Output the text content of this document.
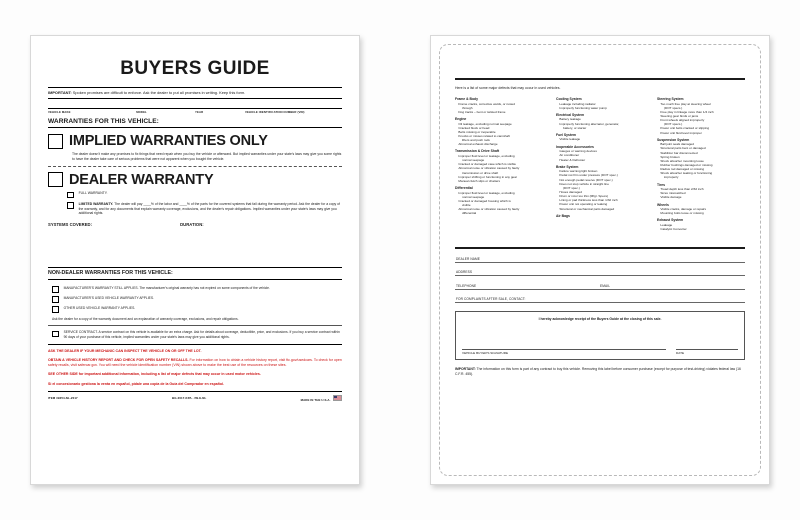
BUYERS GUIDE
IMPORTANT: Spoken promises are difficult to enforce. Ask the dealer to put all promises in writing. Keep this form.
VEHICLE MAKE	MODEL	YEAR	VEHICLE IDENTIFICATION NUMBER (VIN)
WARRANTIES FOR THIS VEHICLE:
IMPLIED WARRANTIES ONLY
The dealer doesn't make any promises to fix things that need repair when you buy the vehicle or afterward. But implied warranties under your state's laws may give you some rights to have the dealer take care of serious problems that were not apparent when you bought the vehicle.
DEALER WARRANTY
FULL WARRANTY.
LIMITED WARRANTY. The dealer will pay ____% of the labor and ____% of the parts for the covered systems that fail during the warranty period. Ask the dealer for a copy of the warranty, and for any documents that explain warranty coverage, exclusions, and the dealer's repair obligations. Implied warranties under your state's laws may give you additional rights.
SYSTEMS COVERED:	DURATION:
NON-DEALER WARRANTIES FOR THIS VEHICLE:
MANUFACTURER'S WARRANTY STILL APPLIES. The manufacturer's original warranty has not expired on some components of the vehicle.
MANUFACTURER'S USED VEHICLE WARRANTY APPLIES.
OTHER USED VEHICLE WARRANTY APPLIES.
Ask the dealer for a copy of the warranty document and an explanation of warranty coverage, exclusions, and repair obligations.
SERVICE CONTRACT. A service contract on this vehicle is available for an extra charge. Ask for details about coverage, deductible, price, and exclusions. If you buy a service contract within 90 days of your purchase of this vehicle, implied warranties under your state's laws may give you additional rights.
ASK THE DEALER IF YOUR MECHANIC CAN INSPECT THE VEHICLE ON OR OFF THE LOT.
OBTAIN A VEHICLE HISTORY REPORT AND CHECK FOR OPEN SAFETY RECALLS. For information on how to obtain a vehicle history report, visit ftc.gov/usedcars. To check for open safety recalls, visit safercar.gov. You will need the vehicle identification number (VIN) shown above to make the best use of the resources on these sites.
SEE OTHER SIDE for important additional information, including a list of major defects that may occur in used motor vehicles.
Si el concesionario gestiona la venta en español, pídale una copia de la Guía del Comprador en español.
ITEM #9254-NL-2017	BG-2017-KPA - IW-E-NL	MADE IN THE U.S.A.
Here is a list of some major defects that may occur in used vehicles.
Frame & Body
Frame cracks, corrective welds, or rusted
through
Dog tracks – bent or twisted frame
Engine
Oil leakage, excluding normal seepage
Cracked block or head
Belts missing or inoperable
Knocks or misses related to camshaft
lifters and push rods
Abnormal exhaust discharge
Transmission & Drive Shaft
Improper fluid level or leakage, excluding
normal seepage
Cracked or damaged case which is visible
Abnormal noise or vibration caused by faulty
transmission or drive shaft
Improper shifting or functioning in any gear
Manual clutch slips or chatters
Differential
Improper fluid level or leakage, excluding
normal seepage
Cracked or damaged housing which is
visible
Abnormal noise or vibration caused by faulty
differential
Cooling System
Leakage including radiator
Improperly functioning water pump
Electrical System
Battery leakage
Improperly functioning alternator, generator,
battery, or starter
Fuel System
Visible leakage
Inoperable Accessories
Gauges or warning devices
Air conditioner
Heater & Defroster
Brake System
Failure warning light broken
Pedal not firm under pressure (DOT spec.)
Not enough pedal reserve (DOT spec.)
Does not stop vehicle in straight line
(DOT spec.)
Hoses damaged
Drum or rotor too thin (Mfgr. Specs)
Lining or pad thickness less than 1/32 inch
Power unit not operating or leaking
Structural or mechanical parts damaged
Air Bags
Steering System
Too much free play at steering wheel
(DOT specs.)
Free play in linkage more than 1/4 inch
Steering gear binds or jams
Front wheels aligned improperly
(DOT specs.)
Power unit belts cracked or slipping
Power unit fluid level improper
Suspension System
Ball joint seals damaged
Structural parts bent or damaged
Stabilizer bar disconnected
Spring broken
Shock absorber mounting loose
Rubber bushings damaged or missing
Radius rod damaged or missing
Shock absorber leaking or functioning
improperly
Tires
Tread depth less than 2/32 inch
Sizes mismatched
Visible damage
Wheels
Visible cracks, damage or repairs
Mounting bolts loose or missing
Exhaust System
Leakage
Catalytic Converter
DEALER NAME
ADDRESS
TELEPHONE	EMAIL
FOR COMPLAINTS AFTER SALE, CONTACT:
I hereby acknowledge receipt of the Buyers Guide at the closing of this sale.
VEHICLE BUYER'S SIGNATURE	DATE
IMPORTANT: The information on this form is part of any contract to buy this vehicle. Removing this label before consumer purchase (except for purpose of test-driving) violates federal law (16 C.F.R. 455).
